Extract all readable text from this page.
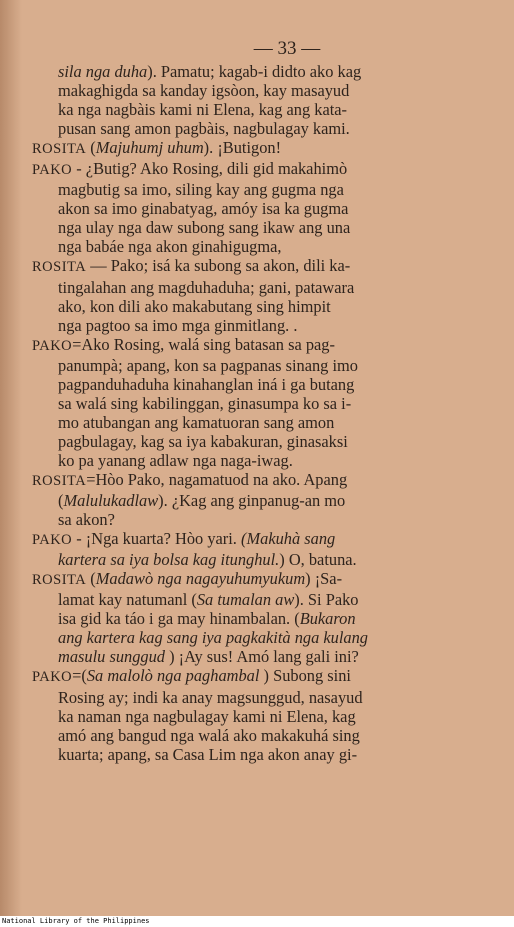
— 33 —
sila nga duha). Pamatu; kagab-i didto ako kag
makaghigda sa kanday igsòon, kay masayud
ka nga nagbàis kami ni Elena, kag ang kata-
pusan sang amon pagbàis, nagbulagay kami.
ROSITA (Majuhumj uhum). ¡Butigon!
PAKO - ¿Butig? Ako Rosing, dili gid makahimò
magbutig sa imo, siling kay ang gugma nga
akon sa imo ginabatyag, amóy isa ka gugma
nga ulay nga daw subong sang ikaw ang una
nga babáe nga akon ginahigugma,
ROSITA — Pako; isá ka subong sa akon, dili ka-
tingalahan ang magduhaduha; gani, patawara
ako, kon dili ako makabutang sing himpit
nga pagtoo sa imo mga ginmitlang. .
PAKO=Ako Rosing, walá sing batasan sa pag-
panumpà; apang, kon sa pagpanas sinang imo
pagpanduhaduha kinahanglan iná i ga butang
sa walá sing kabilinggan, ginasumpa ko sa i-
mo atubangan ang kamatuoran sang amon
pagbulagay, kag sa iya kabakuran, ginasaksi
ko pa yanang adlaw nga naga-iwag.
ROSITA=Hòo Pako, nagamatuod na ako. Apang
(Malulukadlaw). ¿Kag ang ginpanug-an mo
sa akon?
PAKO - ¡Nga kuarta? Hòo yari. (Makuhà sang
kartera sa iya bolsa kag itunghul.) O, batuna.
ROSITA (Madawò nga nagayuhumyukum) ¡Sa-
lamat kay natumanl (Sa tumalan aw). Si Pako
isa gid ka táo i ga may hinambalan. (Bukaron
ang kartera kag sang iya pagkakità nga kulang
masulu sunggud ) ¡Ay sus! Amó lang gali ini?
PAKO=(Sa malolò nga paghambal ) Subong sini
Rosing ay; indi ka anay magsunggud, nasayud
ka naman nga nagbulagay kami ni Elena, kag
amó ang bangud nga walá ako makakuhá sing
kuarta; apang, sa Casa Lim nga akon anay gi-
National Library of the Philippines
